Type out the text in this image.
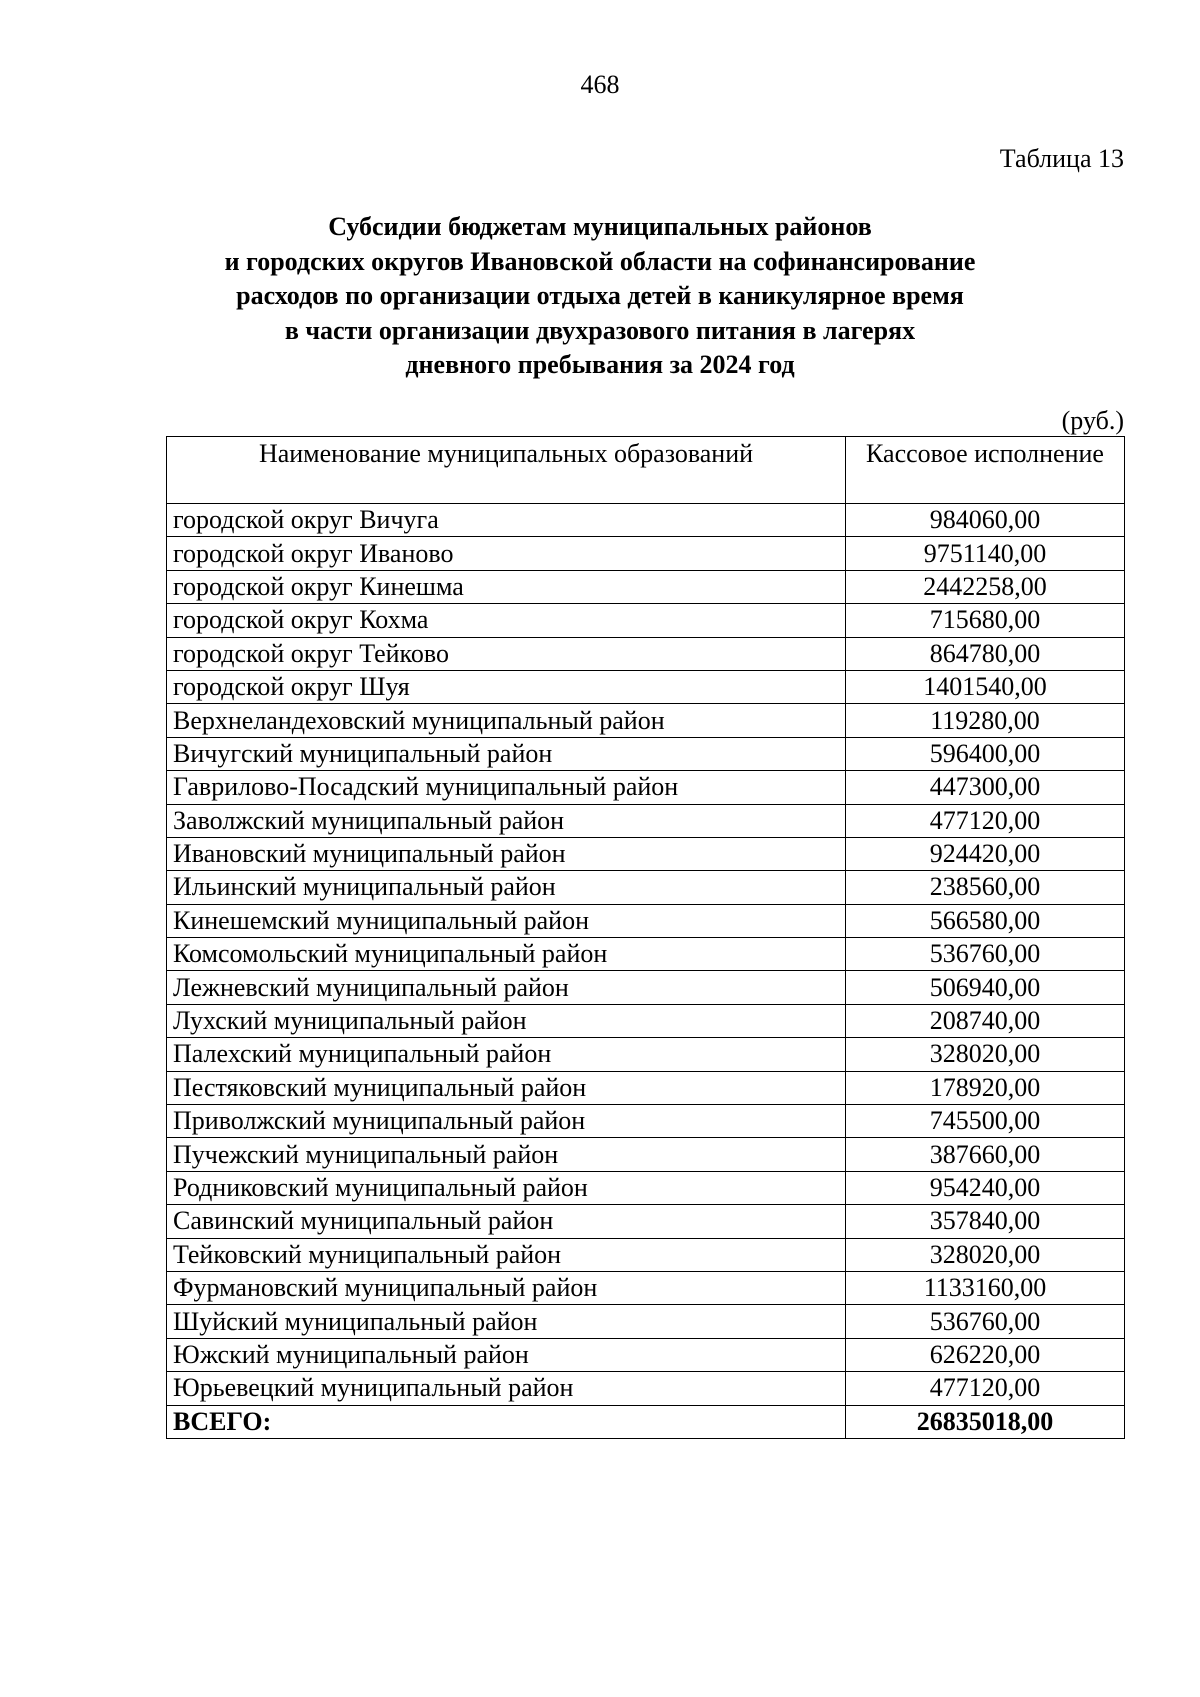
468
Таблица 13
Субсидии бюджетам муниципальных районов
и городских округов Ивановской области на софинансирование
расходов по организации отдыха детей в каникулярное время
в части организации двухразового питания в лагерях
дневного пребывания за 2024 год
(руб.)
Наименование муниципальных образований	Кассовое исполнение
городской округ Вичуга	984060,00
городской округ Иваново	9751140,00
городской округ Кинешма	2442258,00
городской округ Кохма	715680,00
городской округ Тейково	864780,00
городской округ Шуя	1401540,00
Верхнеландеховский муниципальный район	119280,00
Вичугский муниципальный район	596400,00
Гаврилово-Посадский муниципальный район	447300,00
Заволжский муниципальный район	477120,00
Ивановский муниципальный район	924420,00
Ильинский муниципальный район	238560,00
Кинешемский муниципальный район	566580,00
Комсомольский муниципальный район	536760,00
Лежневский муниципальный район	506940,00
Лухский муниципальный район	208740,00
Палехский муниципальный район	328020,00
Пестяковский муниципальный район	178920,00
Приволжский муниципальный район	745500,00
Пучежский муниципальный район	387660,00
Родниковский муниципальный район	954240,00
Савинский муниципальный район	357840,00
Тейковский муниципальный район	328020,00
Фурмановский муниципальный район	1133160,00
Шуйский муниципальный район	536760,00
Южский муниципальный район	626220,00
Юрьевецкий муниципальный район	477120,00
ВСЕГО:	26835018,00
